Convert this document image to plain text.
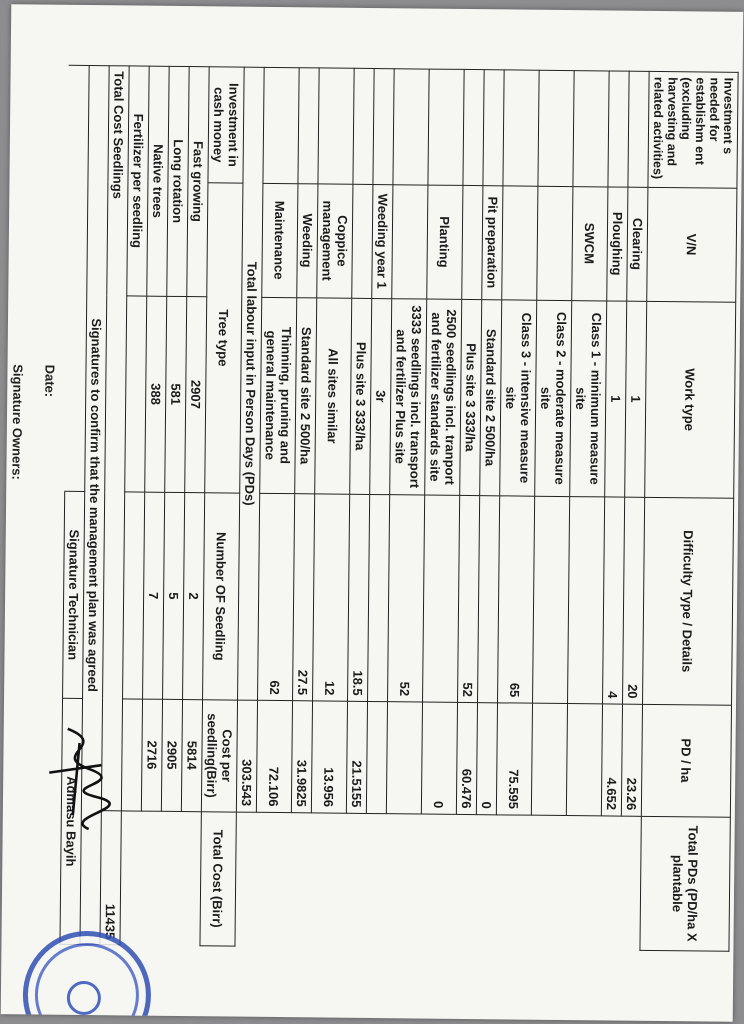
Investment s needed for establishm ent (excluding harvesting and related activities)	V/N	Work type	Difficulty Type / Details	PD / ha	Total PDs (PD/ha X plantable
	Clearing	1	20	23.26	
	Ploughing	1	4	4.652	
	SWCM	Class 1 - minimum measure site			
		Class 2 - moderate measure site			
		Class 3 - intensive measure site	65	75.595	
	Pit preparation	Standard site 2 500/ha		0	
		Plus site 3 333/ha	52	60.476	
	Planting	2500 seedlings incl. tranport and fertilizer standards site		0	
		3333 seedlings incl. transport and fertilizer Plus site	52		
	Weeding year 1	3r			
		Plus site 3 333/ha	18.5	21.5155	
	Coppice management	All sites similar	12	13.956	
	Weeding	Standard site 2 500/ha	27.5	31.9825	
	Maintenance	Thinning, pruning and general maintenance	62	72.106	
Total labour input in Person Days (PDs)				303.543	
Investment in cash money	Tree type		Number OF Seedling	Cost per seedling(Birr)	Total Cost (Birr)
Fast growing		2907	2	5814	
Long rotation		581	5	2905	
Native trees		388	7	2716	
Fertilizer per seedling					
Total Cost Seedlings					11435
Signatures to confirm that the management plan was agreed					
			Signature Technician	Admasu Bayih	
Date:
Signature Owners:
